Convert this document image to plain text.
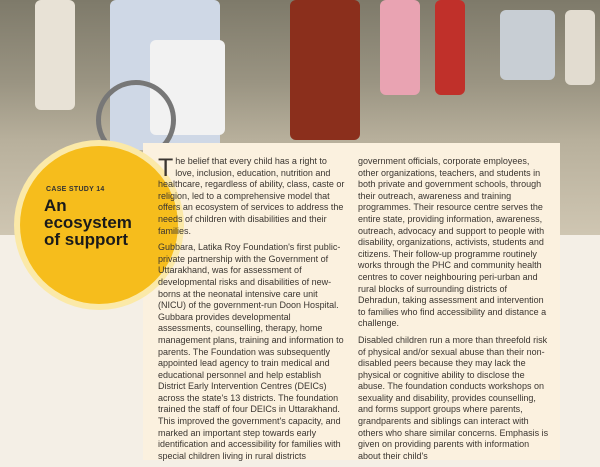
CASE STUDY 14
An
ecosystem
of support

The belief that every child has a right to love, inclusion, education, nutrition and healthcare, regardless of ability, class, caste or religion, led to a comprehensive model that offers an ecosystem of services to address the needs of children with disabilities and their families.

Gubbara, Latika Roy Foundation's first public-private partnership with the Government of Uttarakhand, was for assessment of developmental risks and disabilities of new-borns at the neonatal intensive care unit (NICU) of the government-run Doon Hospital. Gubbara provides developmental assessments, counselling, therapy, home management plans, training and information to parents. The Foundation was subsequently appointed lead agency to train medical and educational personnel and help establish District Early Intervention Centres (DEICs) across the state's 13 districts. The foundation trained the staff of four DEICs in Uttarakhand. This improved the government's capacity, and marked an important step towards early identification and accessibility for families with special children living in rural districts

government officials, corporate employees, other organizations, teachers, and students in both private and government schools, through their outreach, awareness and training programmes. Their resource centre serves the entire state, providing information, awareness, outreach, advocacy and support to people with disability, organizations, activists, students and citizens. Their follow-up programme routinely works through the PHC and community health centres to cover neighbouring peri-urban and rural blocks of surrounding districts of Dehradun, taking assessment and intervention to families who find accessibility and distance a challenge.

Disabled children run a more than threefold risk of physical and/or sexual abuse than their non-disabled peers because they may lack the physical or cognitive ability to disclose the abuse. The foundation conducts workshops on sexuality and disability, provides counselling, and forms support groups where parents, grandparents and siblings can interact with others who share similar concerns. Emphasis is given on providing parents with information about their child's
